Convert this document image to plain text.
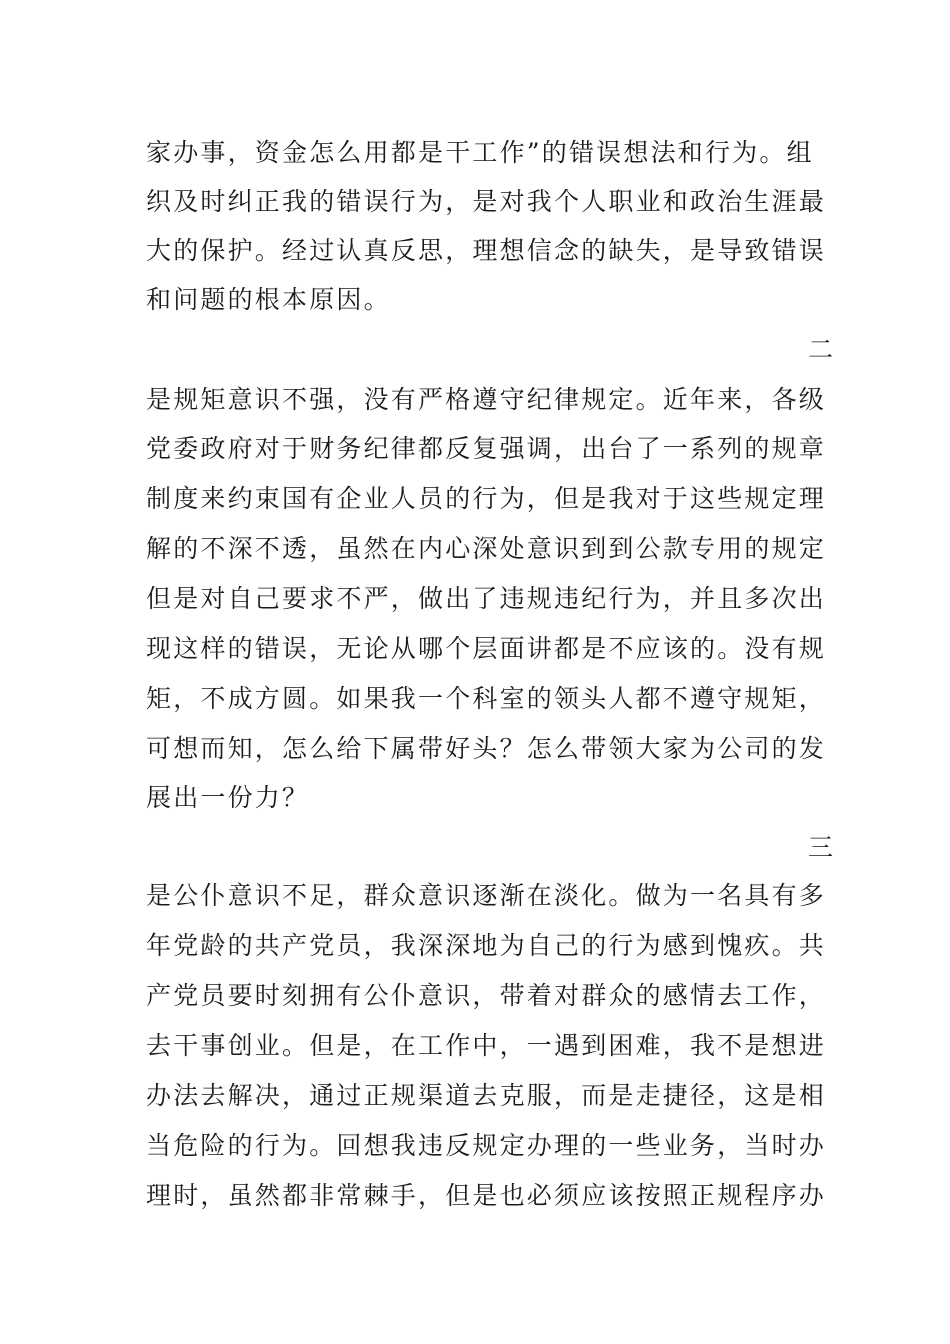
家办事，资金怎么用都是干工作”的错误想法和行为。组
织及时纠正我的错误行为，是对我个人职业和政治生涯最
大的保护。经过认真反思，理想信念的缺失，是导致错误
和问题的根本原因。
二
是规矩意识不强，没有严格遵守纪律规定。近年来，各级
党委政府对于财务纪律都反复强调，出台了一系列的规章
制度来约束国有企业人员的行为，但是我对于这些规定理
解的不深不透，虽然在内心深处意识到到公款专用的规定
但是对自己要求不严，做出了违规违纪行为，并且多次出
现这样的错误，无论从哪个层面讲都是不应该的。没有规
矩，不成方圆。如果我一个科室的领头人都不遵守规矩，
可想而知，怎么给下属带好头？怎么带领大家为公司的发
展出一份力？
三
是公仆意识不足，群众意识逐渐在淡化。做为一名具有多
年党龄的共产党员，我深深地为自己的行为感到愧疚。共
产党员要时刻拥有公仆意识，带着对群众的感情去工作，
去干事创业。但是，在工作中，一遇到困难，我不是想进
办法去解决，通过正规渠道去克服，而是走捷径，这是相
当危险的行为。回想我违反规定办理的一些业务，当时办
理时，虽然都非常棘手，但是也必须应该按照正规程序办
